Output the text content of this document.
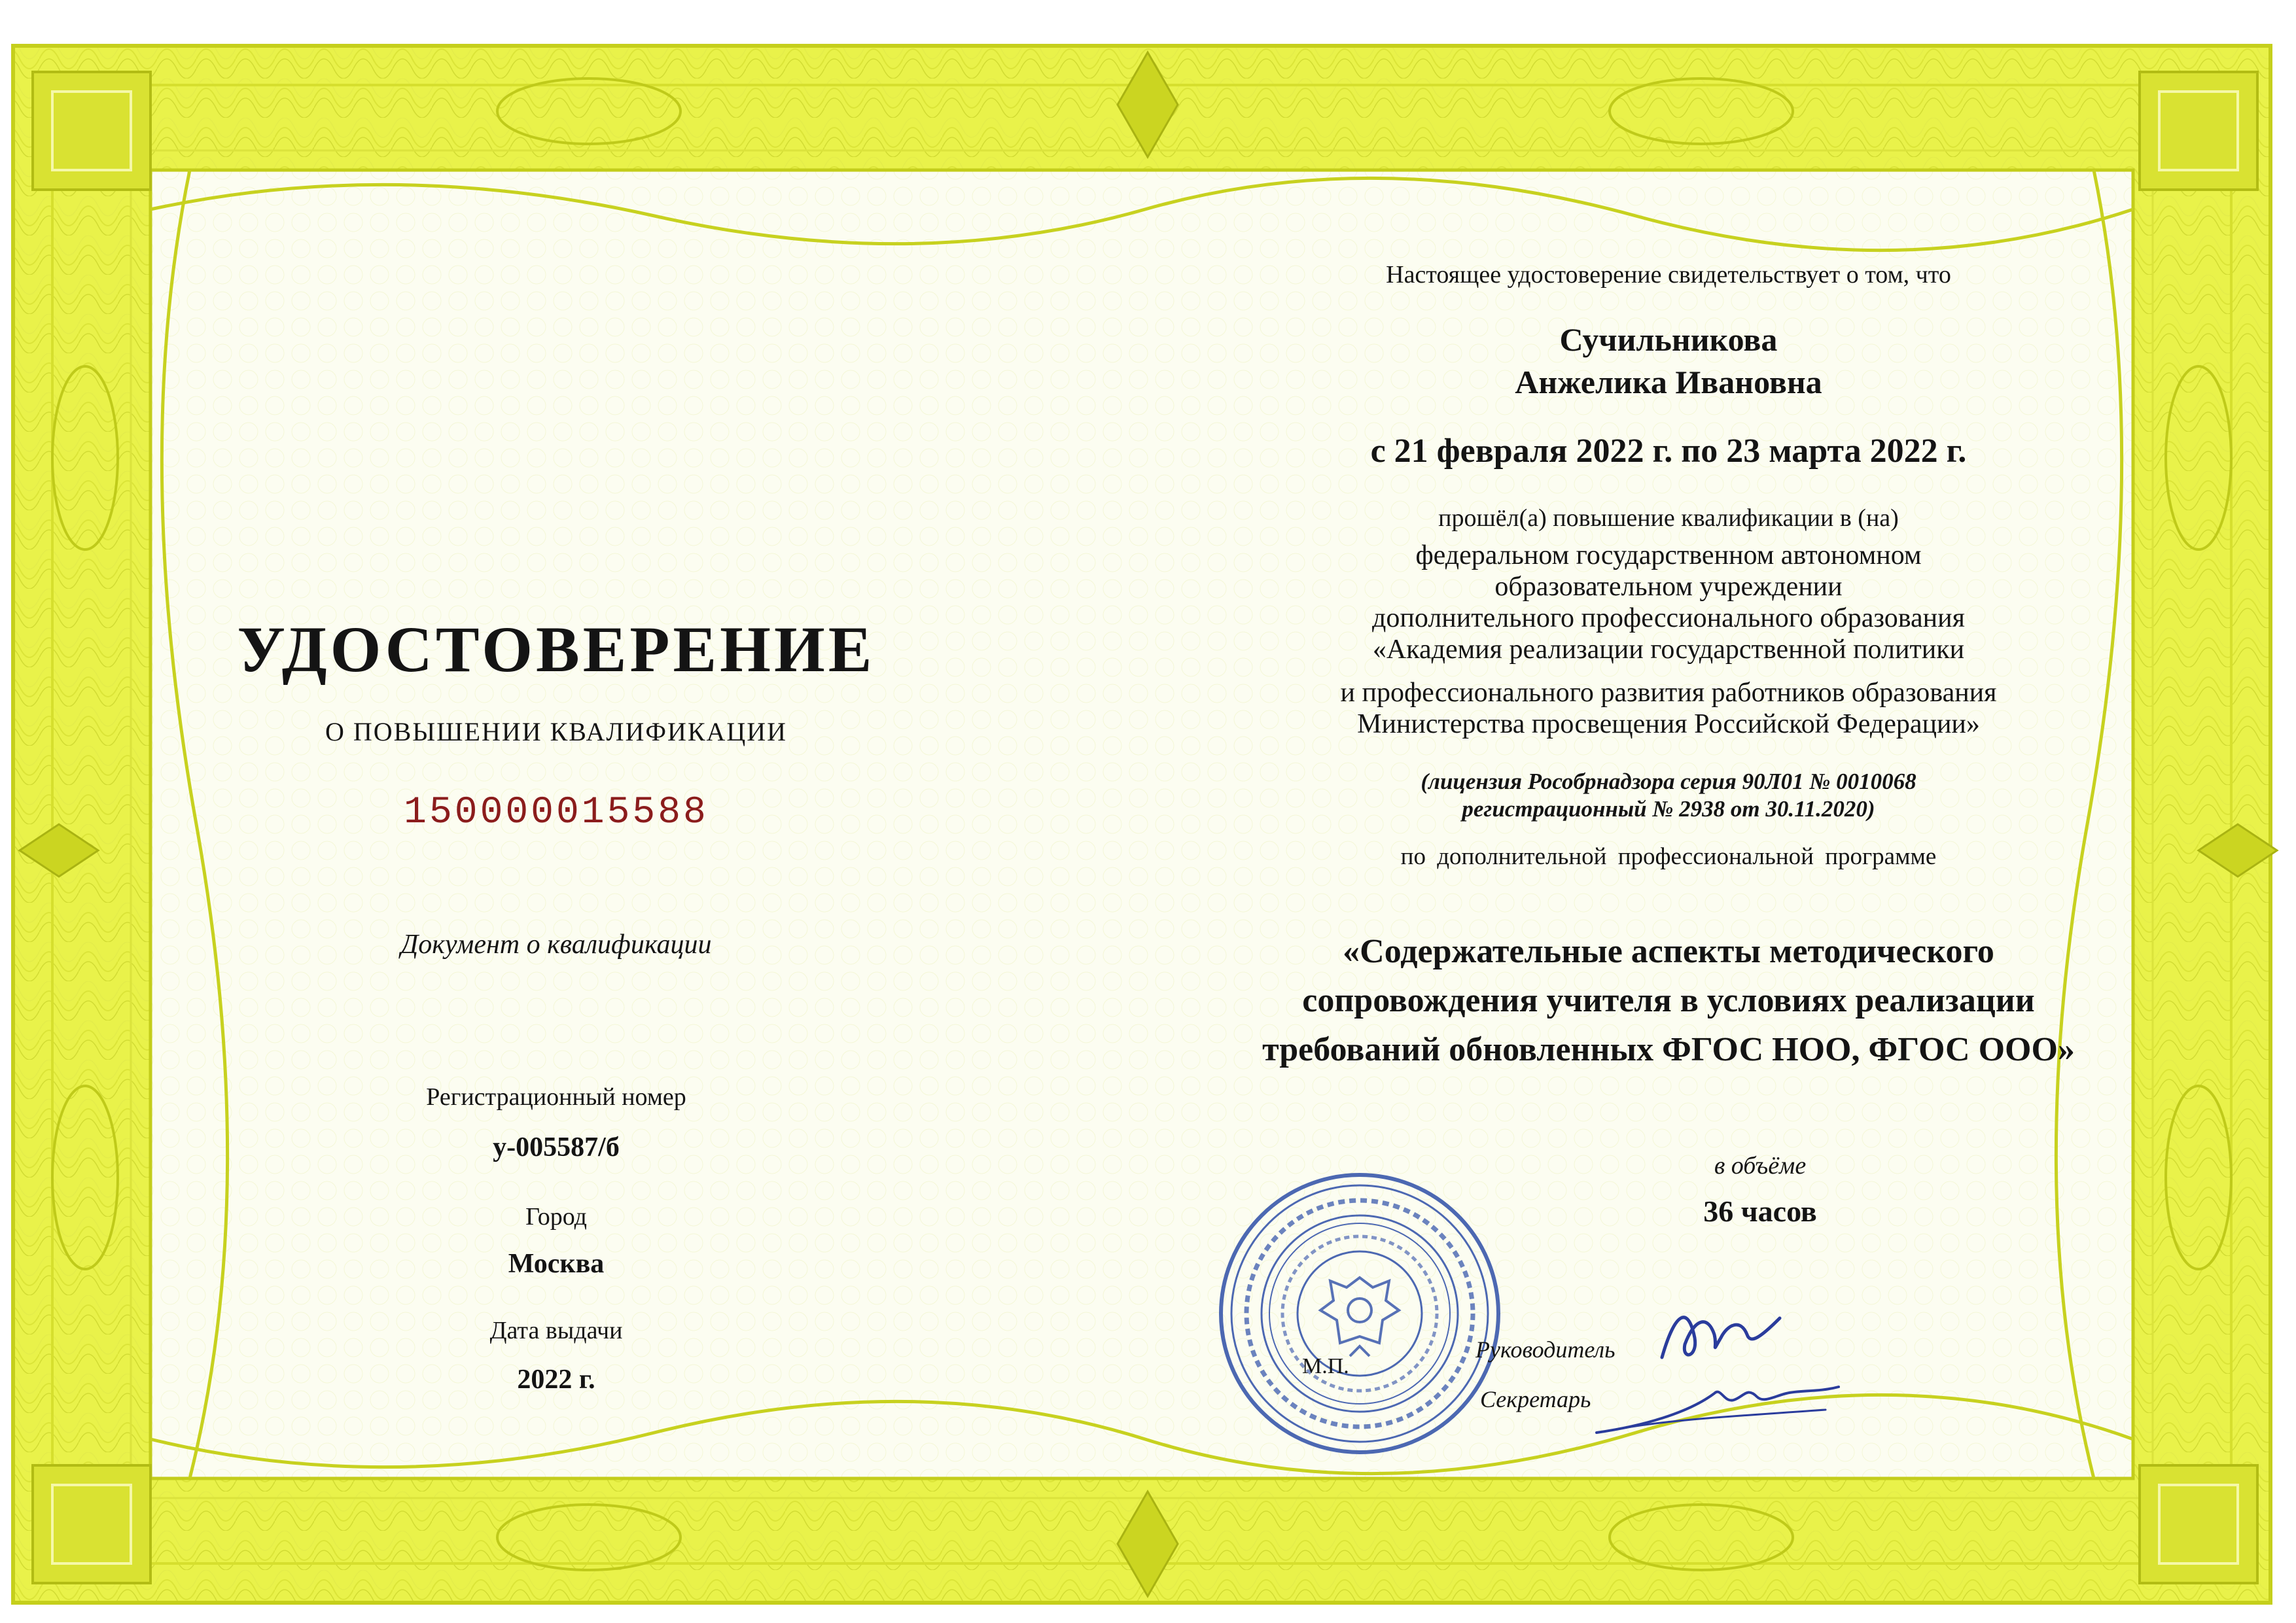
УДОСТОВЕРЕНИЕ
О ПОВЫШЕНИИ КВАЛИФИКАЦИИ
150000015588
Документ о квалификации
Регистрационный номер
у-005587/б
Город
Москва
Дата выдачи
2022 г.
Настоящее удостоверение свидетельствует о том, что
Сучильникова
Анжелика Ивановна
с 21 февраля 2022 г. по 23 марта 2022 г.
прошёл(а) повышение квалификации в (на)
федеральном государственном автономном
образовательном учреждении
дополнительного профессионального образования
«Академия реализации государственной политики
и профессионального развития работников образования
Министерства просвещения Российской Федерации»
(лицензия Рособрнадзора серия 90Л01 № 0010068
регистрационный № 2938 от 30.11.2020)
по дополнительной профессиональной программе
«Содержательные аспекты методического
сопровождения учителя в условиях реализации
требований обновленных ФГОС НОО, ФГОС ООО»
в объёме
36 часов
М.П.
Руководитель
Секретарь
